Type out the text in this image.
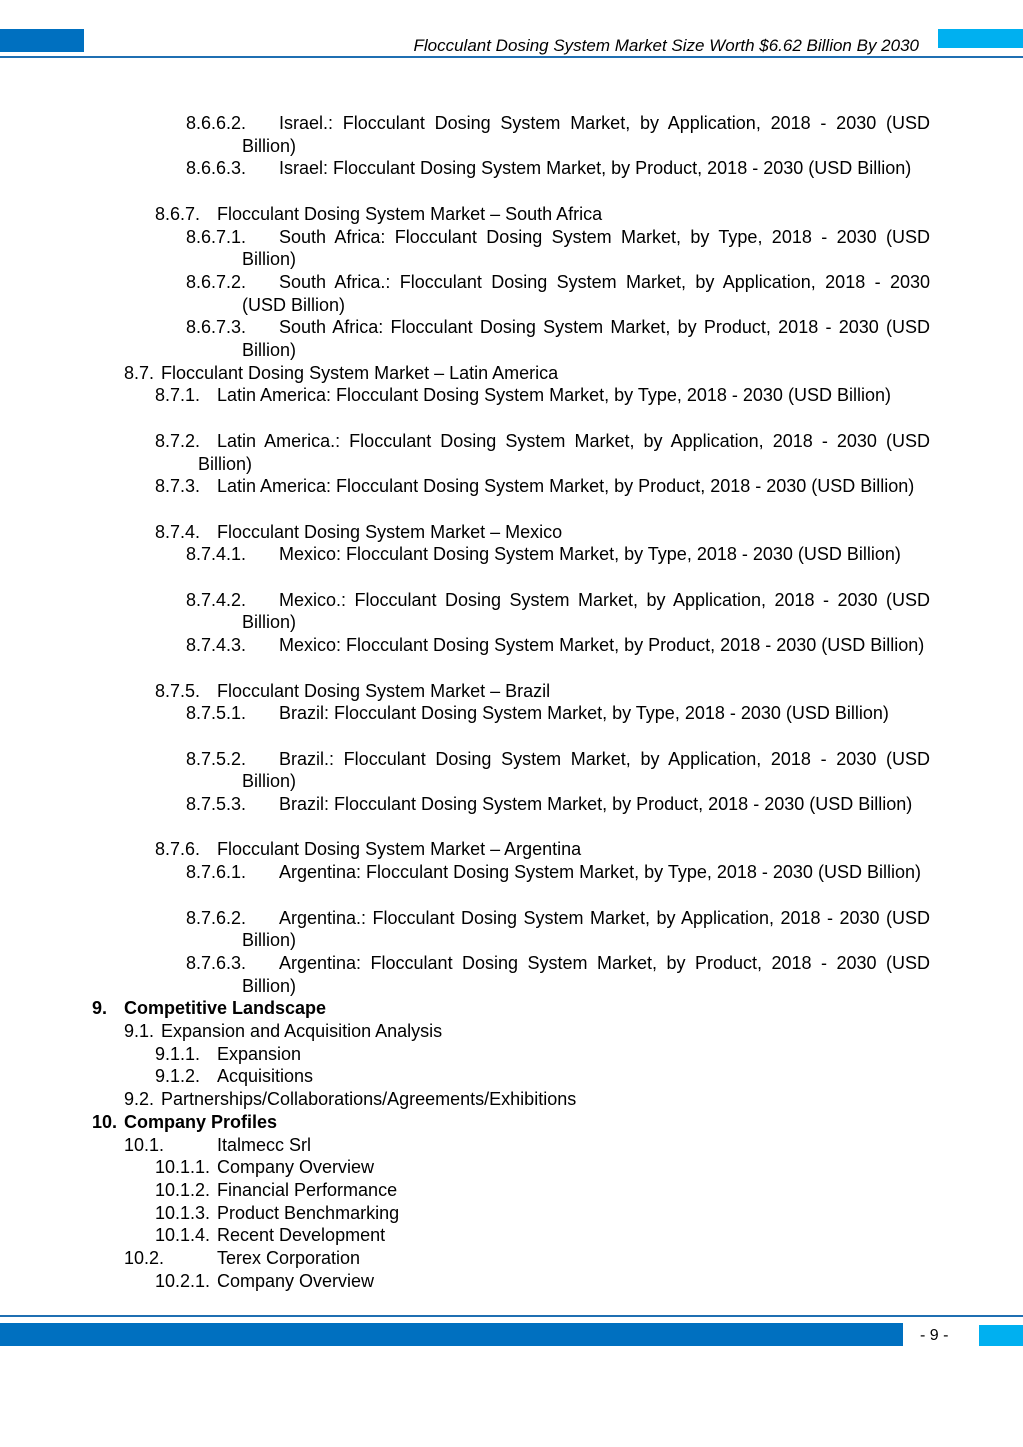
Flocculant Dosing System Market Size Worth $6.62 Billion By 2030
8.6.6.2.	Israel.: Flocculant Dosing System Market, by Application, 2018 - 2030 (USD Billion)
8.6.6.3.	Israel: Flocculant Dosing System Market, by Product, 2018 - 2030 (USD Billion)
8.6.7. Flocculant Dosing System Market – South Africa
8.6.7.1.	South Africa: Flocculant Dosing System Market, by Type, 2018 - 2030 (USD Billion)
8.6.7.2.	South Africa.: Flocculant Dosing System Market, by Application, 2018 - 2030 (USD Billion)
8.6.7.3.	South Africa: Flocculant Dosing System Market, by Product, 2018 - 2030 (USD Billion)
8.7. Flocculant Dosing System Market – Latin America
8.7.1. Latin America: Flocculant Dosing System Market, by Type, 2018 - 2030 (USD Billion)
8.7.2. Latin America.: Flocculant Dosing System Market, by Application, 2018 - 2030 (USD Billion)
8.7.3. Latin America: Flocculant Dosing System Market, by Product, 2018 - 2030 (USD Billion)
8.7.4. Flocculant Dosing System Market – Mexico
8.7.4.1.	Mexico: Flocculant Dosing System Market, by Type, 2018 - 2030 (USD Billion)
8.7.4.2.	Mexico.: Flocculant Dosing System Market, by Application, 2018 - 2030 (USD Billion)
8.7.4.3.	Mexico: Flocculant Dosing System Market, by Product, 2018 - 2030 (USD Billion)
8.7.5. Flocculant Dosing System Market – Brazil
8.7.5.1.	Brazil: Flocculant Dosing System Market, by Type, 2018 - 2030 (USD Billion)
8.7.5.2.	Brazil.: Flocculant Dosing System Market, by Application, 2018 - 2030 (USD Billion)
8.7.5.3.	Brazil: Flocculant Dosing System Market, by Product, 2018 - 2030 (USD Billion)
8.7.6. Flocculant Dosing System Market – Argentina
8.7.6.1.	Argentina: Flocculant Dosing System Market, by Type, 2018 - 2030 (USD Billion)
8.7.6.2.	Argentina.: Flocculant Dosing System Market, by Application, 2018 - 2030 (USD Billion)
8.7.6.3.	Argentina: Flocculant Dosing System Market, by Product, 2018 - 2030 (USD Billion)
9. Competitive Landscape
9.1. Expansion and Acquisition Analysis
9.1.1. Expansion
9.1.2. Acquisitions
9.2. Partnerships/Collaborations/Agreements/Exhibitions
10. Company Profiles
10.1.	Italmecc Srl
10.1.1. Company Overview
10.1.2. Financial Performance
10.1.3. Product Benchmarking
10.1.4. Recent Development
10.2.	Terex Corporation
10.2.1. Company Overview
- 9 -
